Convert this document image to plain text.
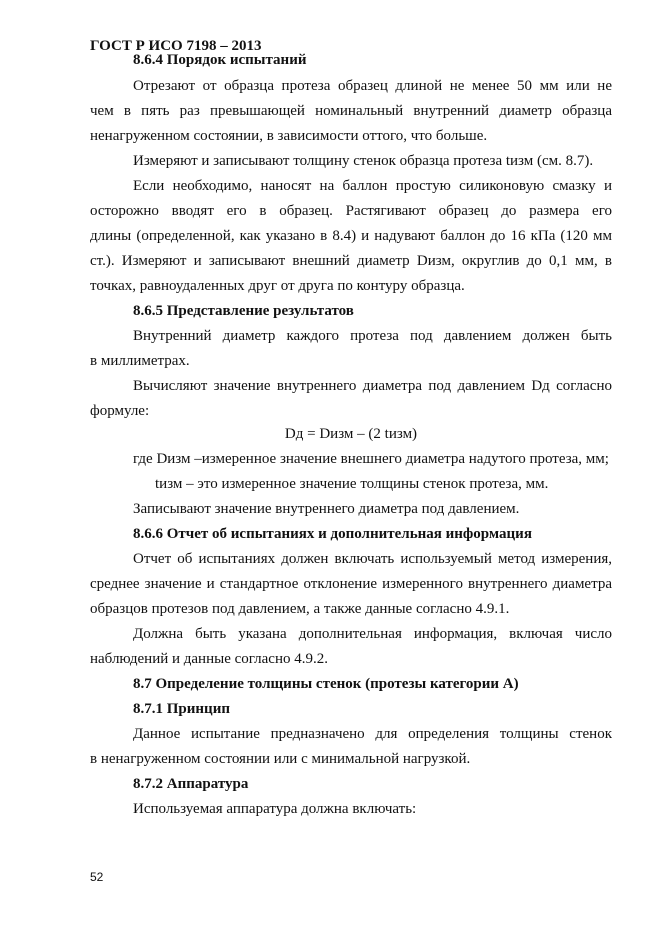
ГОСТ Р ИСО 7198 – 2013
8.6.4 Порядок испытаний
Отрезают от образца протеза образец длиной не менее 50 мм или не
чем в пять раз превышающей номинальный внутренний диаметр образца
ненагруженном состоянии, в зависимости оттого, что больше.
Измеряют и записывают толщину стенок образца протеза tизм (см. 8.7).
Если необходимо, наносят на баллон простую силиконовую смазку и
осторожно вводят его в образец. Растягивают образец до размера его
длины (определенной, как указано в 8.4) и надувают баллон до 16 кПа (120 мм
ст.). Измеряют и записывают внешний диаметр Dизм, округлив до 0,1 мм, в
точках, равноудаленных друг от друга по контуру образца.
8.6.5 Представление результатов
Внутренний диаметр каждого протеза под давлением должен быть
в миллиметрах.
Вычисляют значение внутреннего диаметра под давлением Dд согласно
формуле:
Dд = Dизм – (2 tизм)
где Dизм –измеренное значение внешнего диаметра надутого протеза, мм;
tизм – это измеренное значение толщины стенок протеза, мм.
Записывают значение внутреннего диаметра под давлением.
8.6.6 Отчет об испытаниях и дополнительная информация
Отчет об испытаниях должен включать используемый метод измерения,
среднее значение и стандартное отклонение измеренного внутреннего диаметра
образцов протезов под давлением, а также данные согласно 4.9.1.
Должна быть указана дополнительная информация, включая число
наблюдений и данные согласно 4.9.2.
8.7 Определение толщины стенок (протезы категории A)
8.7.1 Принцип
Данное испытание предназначено для определения толщины стенок
в ненагруженном состоянии или с минимальной нагрузкой.
8.7.2 Аппаратура
Используемая аппаратура должна включать:
52
